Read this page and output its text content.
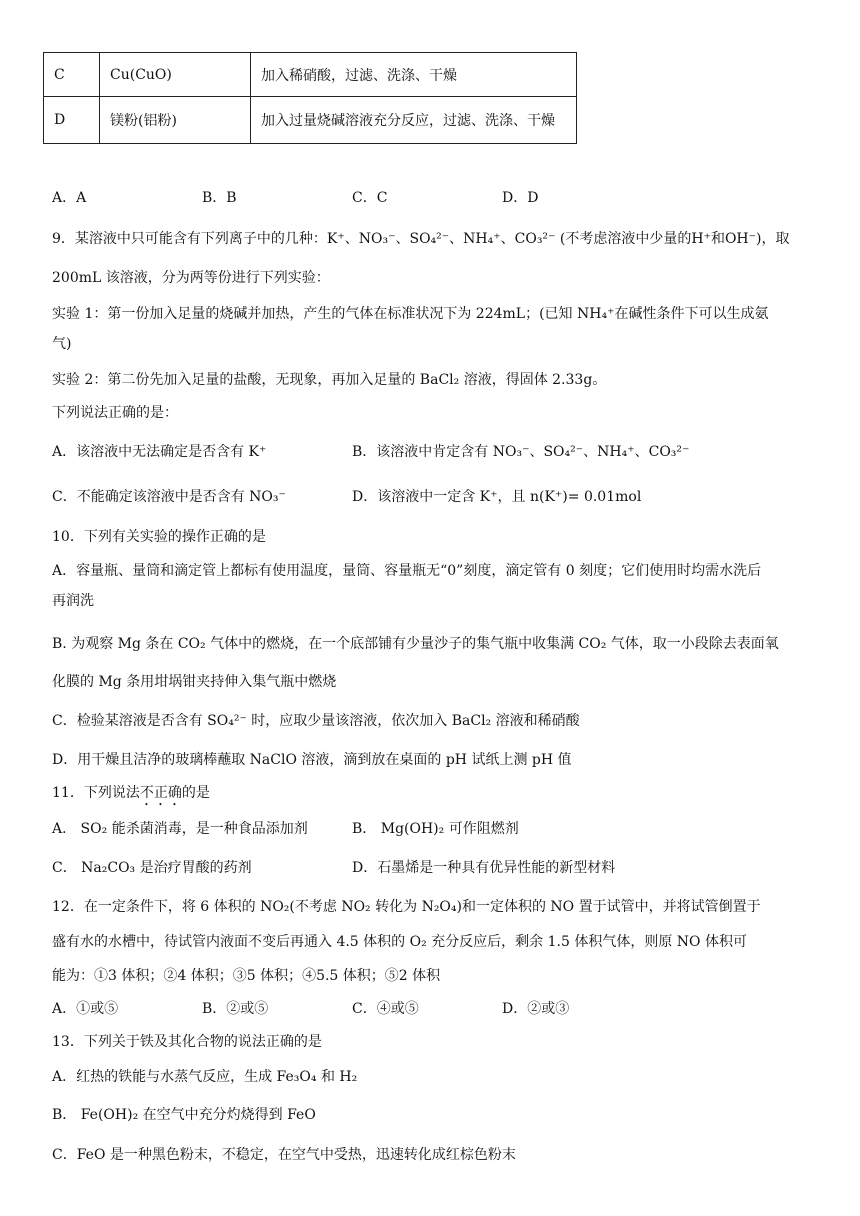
C	Cu(CuO)	加入稀硝酸，过滤、洗涤、干燥
D	镁粉(铝粉)	加入过量烧碱溶液充分反应，过滤、洗涤、干燥
A．A	B．B	C．C	D．D
9．某溶液中只可能含有下列离子中的几种：K⁺、NO₃⁻、SO₄²⁻、NH₄⁺、CO₃²⁻ (不考虑溶液中少量的H⁺和OH⁻)，取
200mL 该溶液，分为两等份进行下列实验：
实验 1：第一份加入足量的烧碱并加热，产生的气体在标准状况下为 224mL；(已知 NH₄⁺在碱性条件下可以生成氨
气)
实验 2：第二份先加入足量的盐酸，无现象，再加入足量的 BaCl₂ 溶液，得固体 2.33g。
下列说法正确的是：
A．该溶液中无法确定是否含有 K⁺	B．该溶液中肯定含有 NO₃⁻、SO₄²⁻、NH₄⁺、CO₃²⁻
C．不能确定该溶液中是否含有 NO₃⁻	D．该溶液中一定含 K⁺，且 n(K⁺)= 0.01mol
10．下列有关实验的操作正确的是
A．容量瓶、量筒和滴定管上都标有使用温度，量筒、容量瓶无“0”刻度，滴定管有 0 刻度；它们使用时均需水洗后
再润洗
B. 为观察 Mg 条在 CO₂ 气体中的燃烧，在一个底部铺有少量沙子的集气瓶中收集满 CO₂ 气体，取一小段除去表面氧
化膜的 Mg 条用坩埚钳夹持伸入集气瓶中燃烧
C．检验某溶液是否含有 SO₄²⁻ 时，应取少量该溶液，依次加入 BaCl₂ 溶液和稀硝酸
D．用干燥且洁净的玻璃棒蘸取 NaClO 溶液，滴到放在桌面的 pH 试纸上测 pH 值
11．下列说法不正确的是
A． SO₂ 能杀菌消毒，是一种食品添加剂	B． Mg(OH)₂ 可作阻燃剂
C． Na₂CO₃ 是治疗胃酸的药剂	D．石墨烯是一种具有优异性能的新型材料
12．在一定条件下，将 6 体积的 NO₂(不考虑 NO₂ 转化为 N₂O₄)和一定体积的 NO 置于试管中，并将试管倒置于
盛有水的水槽中，待试管内液面不变后再通入 4.5 体积的 O₂ 充分反应后，剩余 1.5 体积气体，则原 NO 体积可
能为：①3 体积；②4 体积；③5 体积；④5.5 体积；⑤2 体积
A．①或⑤	B．②或⑤	C．④或⑤	D．②或③
13．下列关于铁及其化合物的说法正确的是
A．红热的铁能与水蒸气反应，生成 Fe₃O₄ 和 H₂
B． Fe(OH)₂ 在空气中充分灼烧得到 FeO
C．FeO 是一种黑色粉末，不稳定，在空气中受热，迅速转化成红棕色粉末
